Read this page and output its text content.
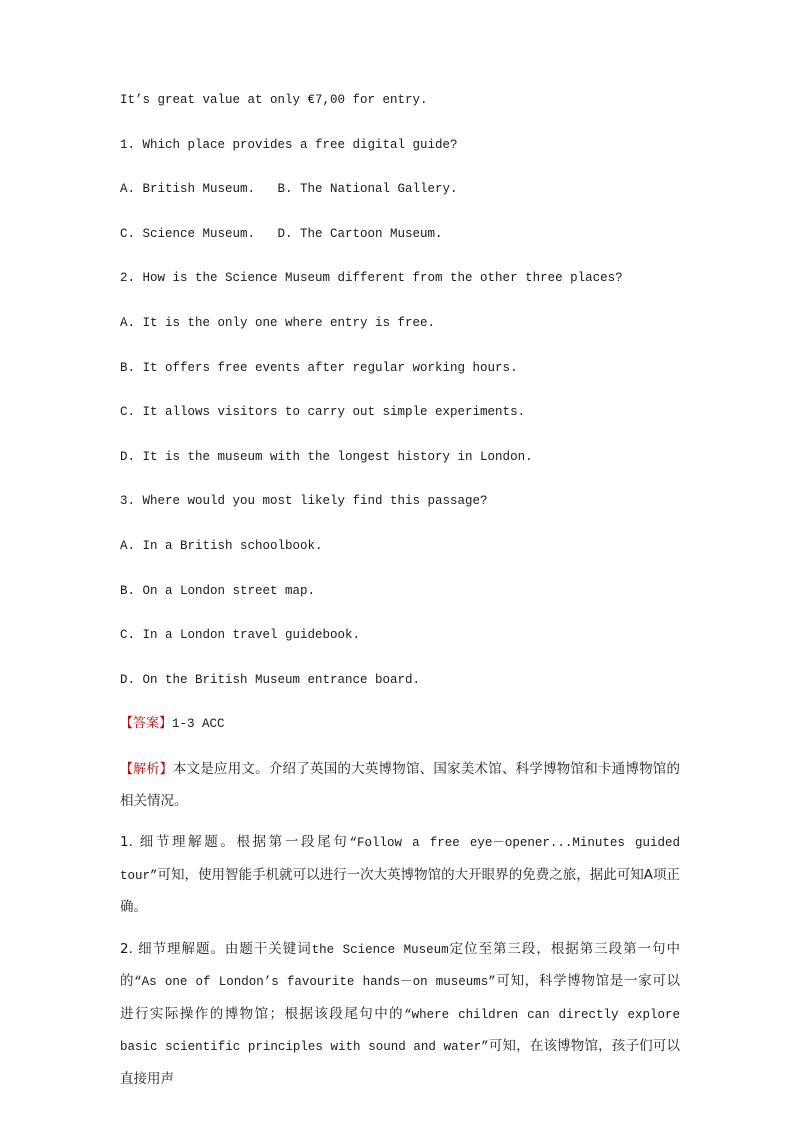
It’s great value at only €7,00 for entry.

1. Which place provides a free digital guide?

A. British Museum.   B. The National Gallery.

C. Science Museum.   D. The Cartoon Museum.

2. How is the Science Museum different from the other three places?

A. It is the only one where entry is free.

B. It offers free events after regular working hours.

C. It allows visitors to carry out simple experiments.

D. It is the museum with the longest history in London.

3. Where would you most likely find this passage?

A. In a British schoolbook.

B. On a London street map.

C. In a London travel guidebook.

D. On the British Museum entrance board.

【答案】1-3 ACC

【解析】本文是应用文。介绍了英国的大英博物馆、国家美术馆、科学博物馆和卡通博物馆的相关情况。

1. 细节理解题。根据第一段尾句“Follow a free eye－opener...Minutes guided tour”可知，使用智能手机就可以进行一次大英博物馆的大开眼界的免费之旅，据此可知A项正确。

2. 细节理解题。由题干关键词the Science Museum定位至第三段，根据第三段第一句中的“As one of London’s favourite hands－on museums”可知，科学博物馆是一家可以进行实际操作的博物馆；根据该段尾句中的“where children can directly explore basic scientific principles with sound and water”可知，在该博物馆，孩子们可以直接用声
